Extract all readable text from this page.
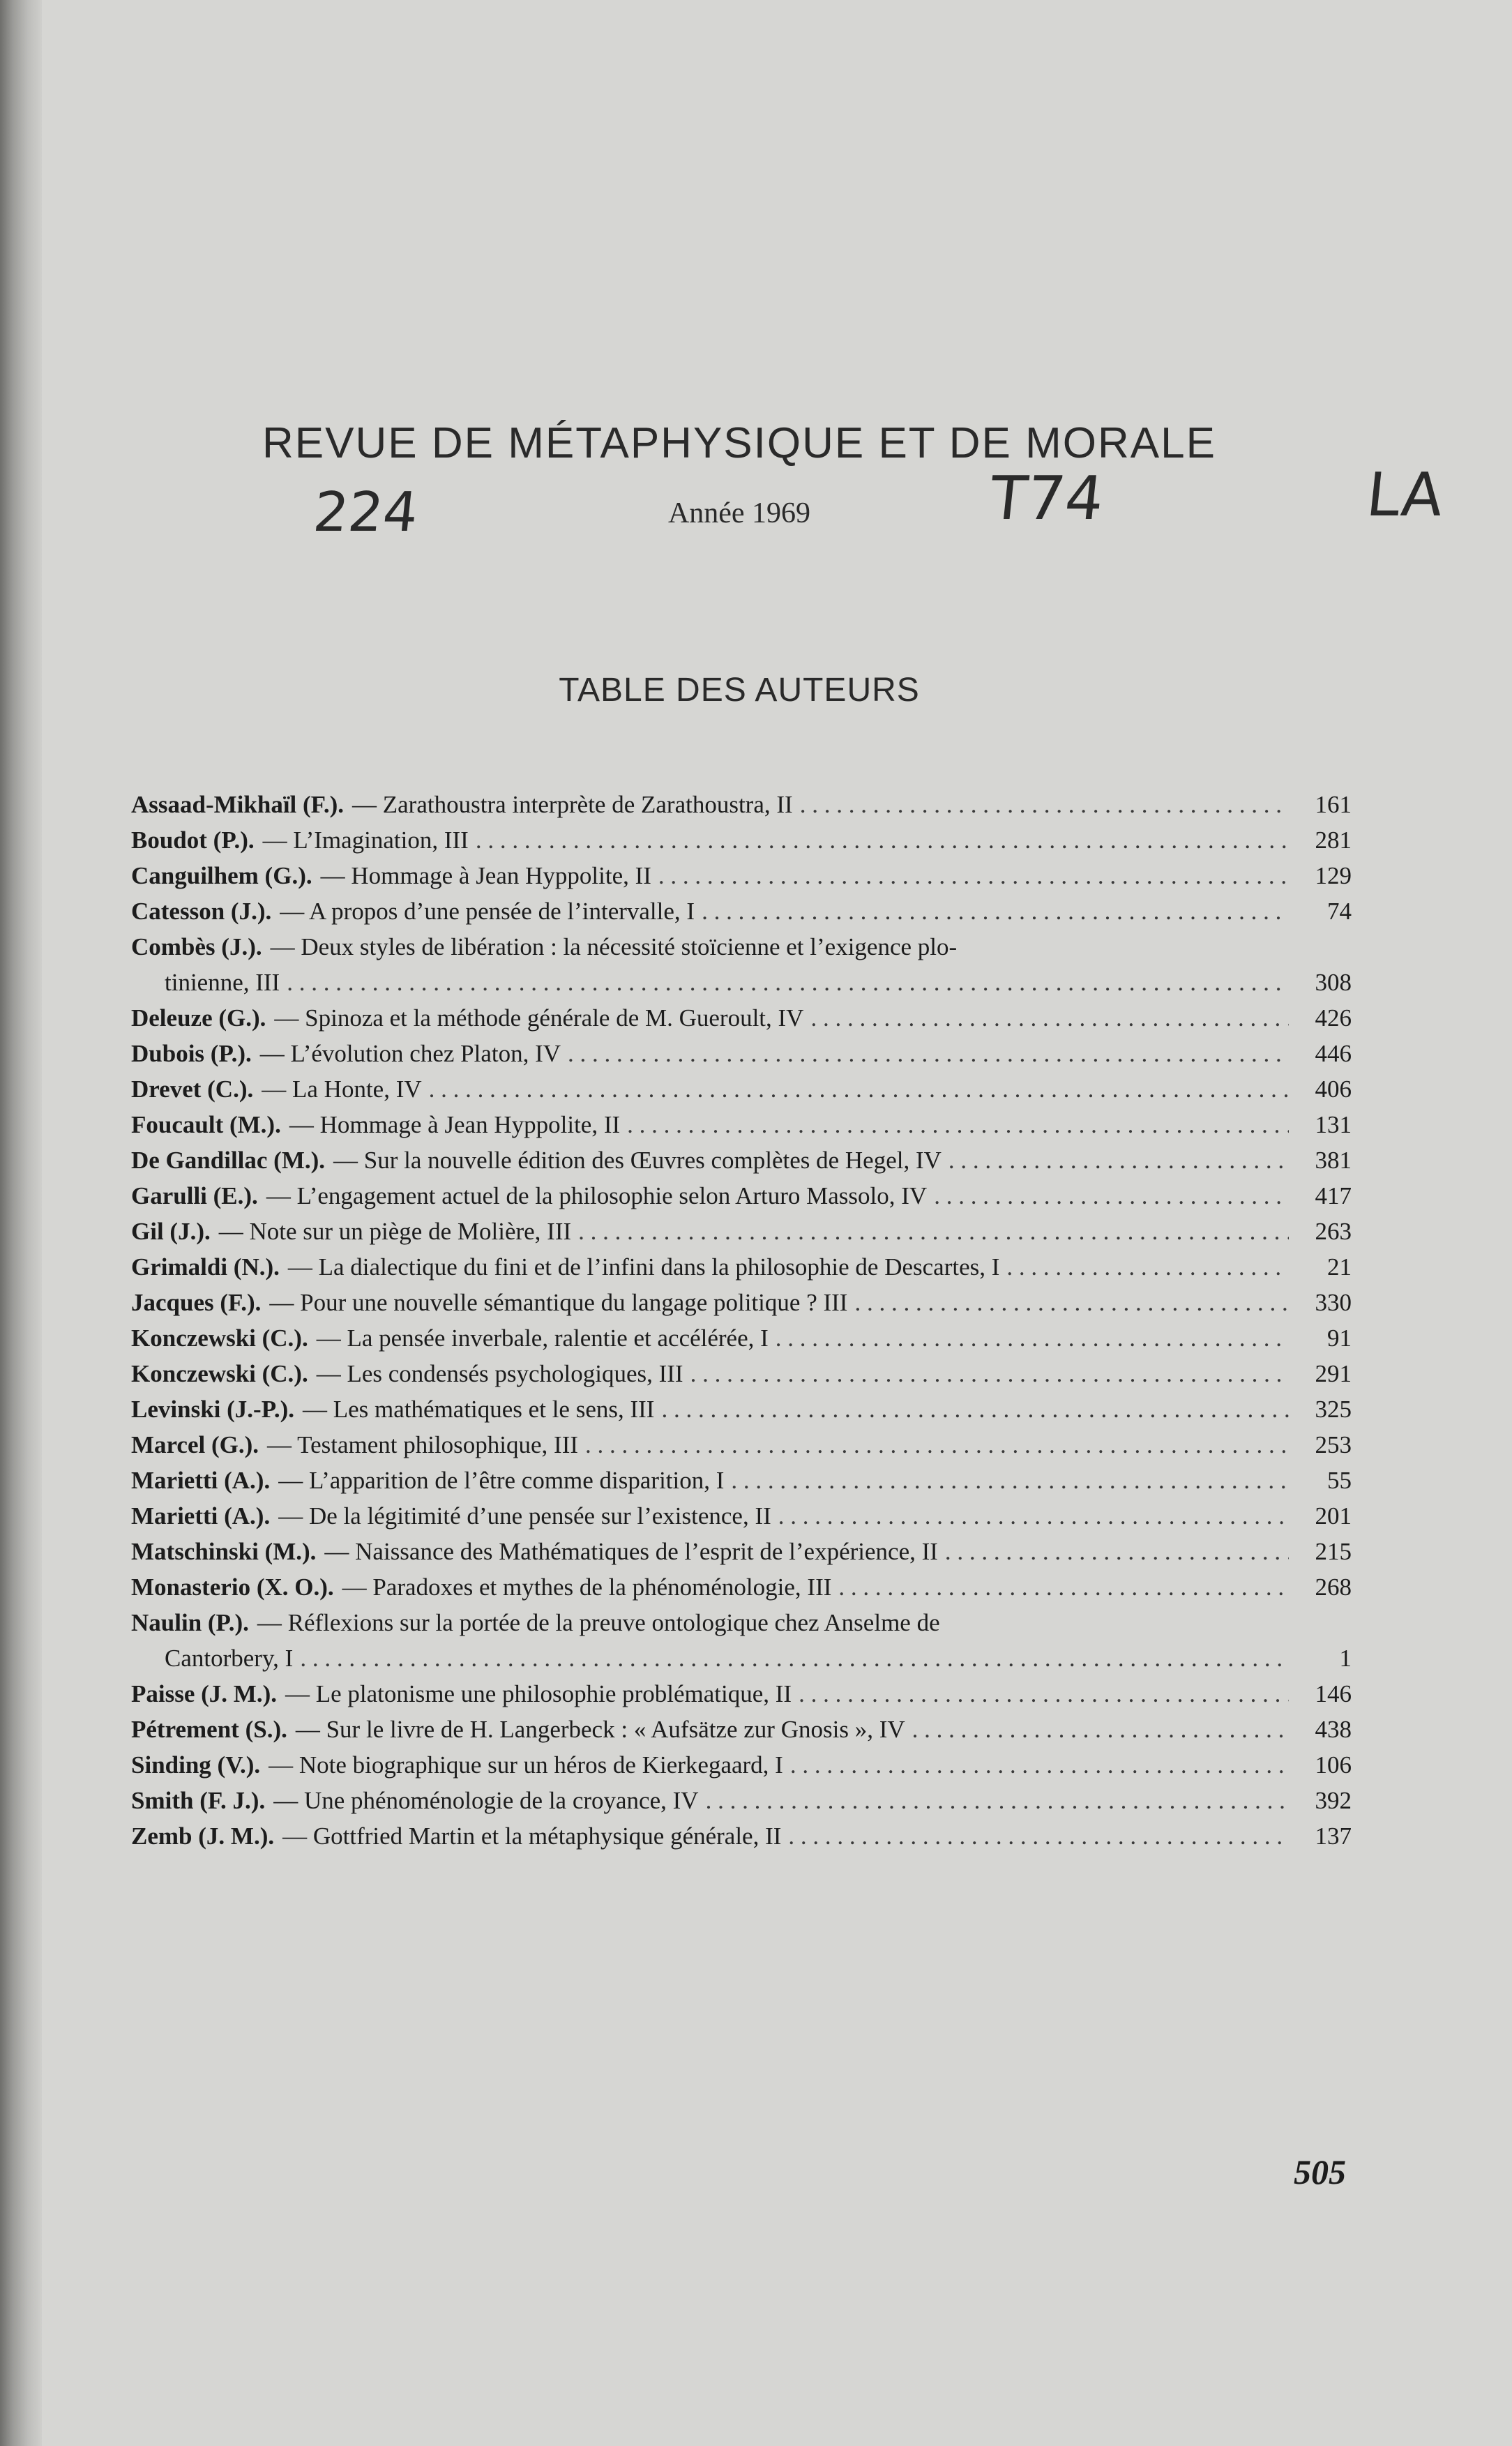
REVUE DE MÉTAPHYSIQUE ET DE MORALE
Année 1969
224	T74	LA
TABLE DES AUTEURS
Assaad-Mikhaïl (F.). — Zarathoustra interprète de Zarathoustra, II . . .	161
Boudot (P.). — L’Imagination, III . . .	281
Canguilhem (G.). — Hommage à Jean Hyppolite, II . . .	129
Catesson (J.). — A propos d’une pensée de l’intervalle, I . . .	74
Combès (J.). — Deux styles de libération : la nécessité stoïcienne et l’exigence plo-
tinienne, III . . .	308
Deleuze (G.). — Spinoza et la méthode générale de M. Gueroult, IV . . .	426
Dubois (P.). — L’évolution chez Platon, IV . . .	446
Drevet (C.). — La Honte, IV . . .	406
Foucault (M.). — Hommage à Jean Hyppolite, II . . .	131
De Gandillac (M.). — Sur la nouvelle édition des Œuvres complètes de Hegel, IV . . .	381
Garulli (E.). — L’engagement actuel de la philosophie selon Arturo Massolo, IV . . .	417
Gil (J.). — Note sur un piège de Molière, III . . .	263
Grimaldi (N.). — La dialectique du fini et de l’infini dans la philosophie de Descartes, I . . .	21
Jacques (F.). — Pour une nouvelle sémantique du langage politique ? III . . .	330
Konczewski (C.). — La pensée inverbale, ralentie et accélérée, I . . .	91
Konczewski (C.). — Les condensés psychologiques, III . . .	291
Levinski (J.-P.). — Les mathématiques et le sens, III . . .	325
Marcel (G.). — Testament philosophique, III . . .	253
Marietti (A.). — L’apparition de l’être comme disparition, I . . .	55
Marietti (A.). — De la légitimité d’une pensée sur l’existence, II . . .	201
Matschinski (M.). — Naissance des Mathématiques de l’esprit de l’expérience, II . . .	215
Monasterio (X. O.). — Paradoxes et mythes de la phénoménologie, III . . .	268
Naulin (P.). — Réflexions sur la portée de la preuve ontologique chez Anselme de
Cantorbery, I . . .	1
Paisse (J. M.). — Le platonisme une philosophie problématique, II . . .	146
Pétrement (S.). — Sur le livre de H. Langerbeck : « Aufsätze zur Gnosis », IV . . .	438
Sinding (V.). — Note biographique sur un héros de Kierkegaard, I . . .	106
Smith (F. J.). — Une phénoménologie de la croyance, IV . . .	392
Zemb (J. M.). — Gottfried Martin et la métaphysique générale, II . . .	137
505
